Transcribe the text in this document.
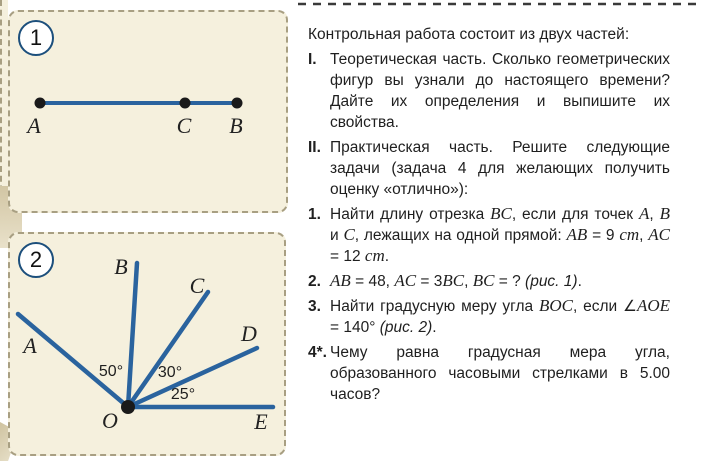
A	C B
1
A
B
C
D
E
O
50° 30°
25°
2

Контрольная работа состоит из двух частей:

I. Теоретическая часть. Сколько геометрических фигур вы узнали до настоящего времени? Дайте их определения и выпишите их свойства.
II. Практическая часть. Решите следующие задачи (задача 4 для желающих получить оценку «отлично»):
1. Найти длину отрезка BC, если для точек A, B и C, лежащих на одной прямой: AB = 9 cm, AC = 12 cm.
2. AB = 48, AC = 3BC, BC = ? (рис. 1).
3. Найти градусную меру угла BOC, если ∠AOE = 140° (рис. 2).
4*. Чему равна градусная мера угла, образованного часовыми стрелками в 5.00 часов?
